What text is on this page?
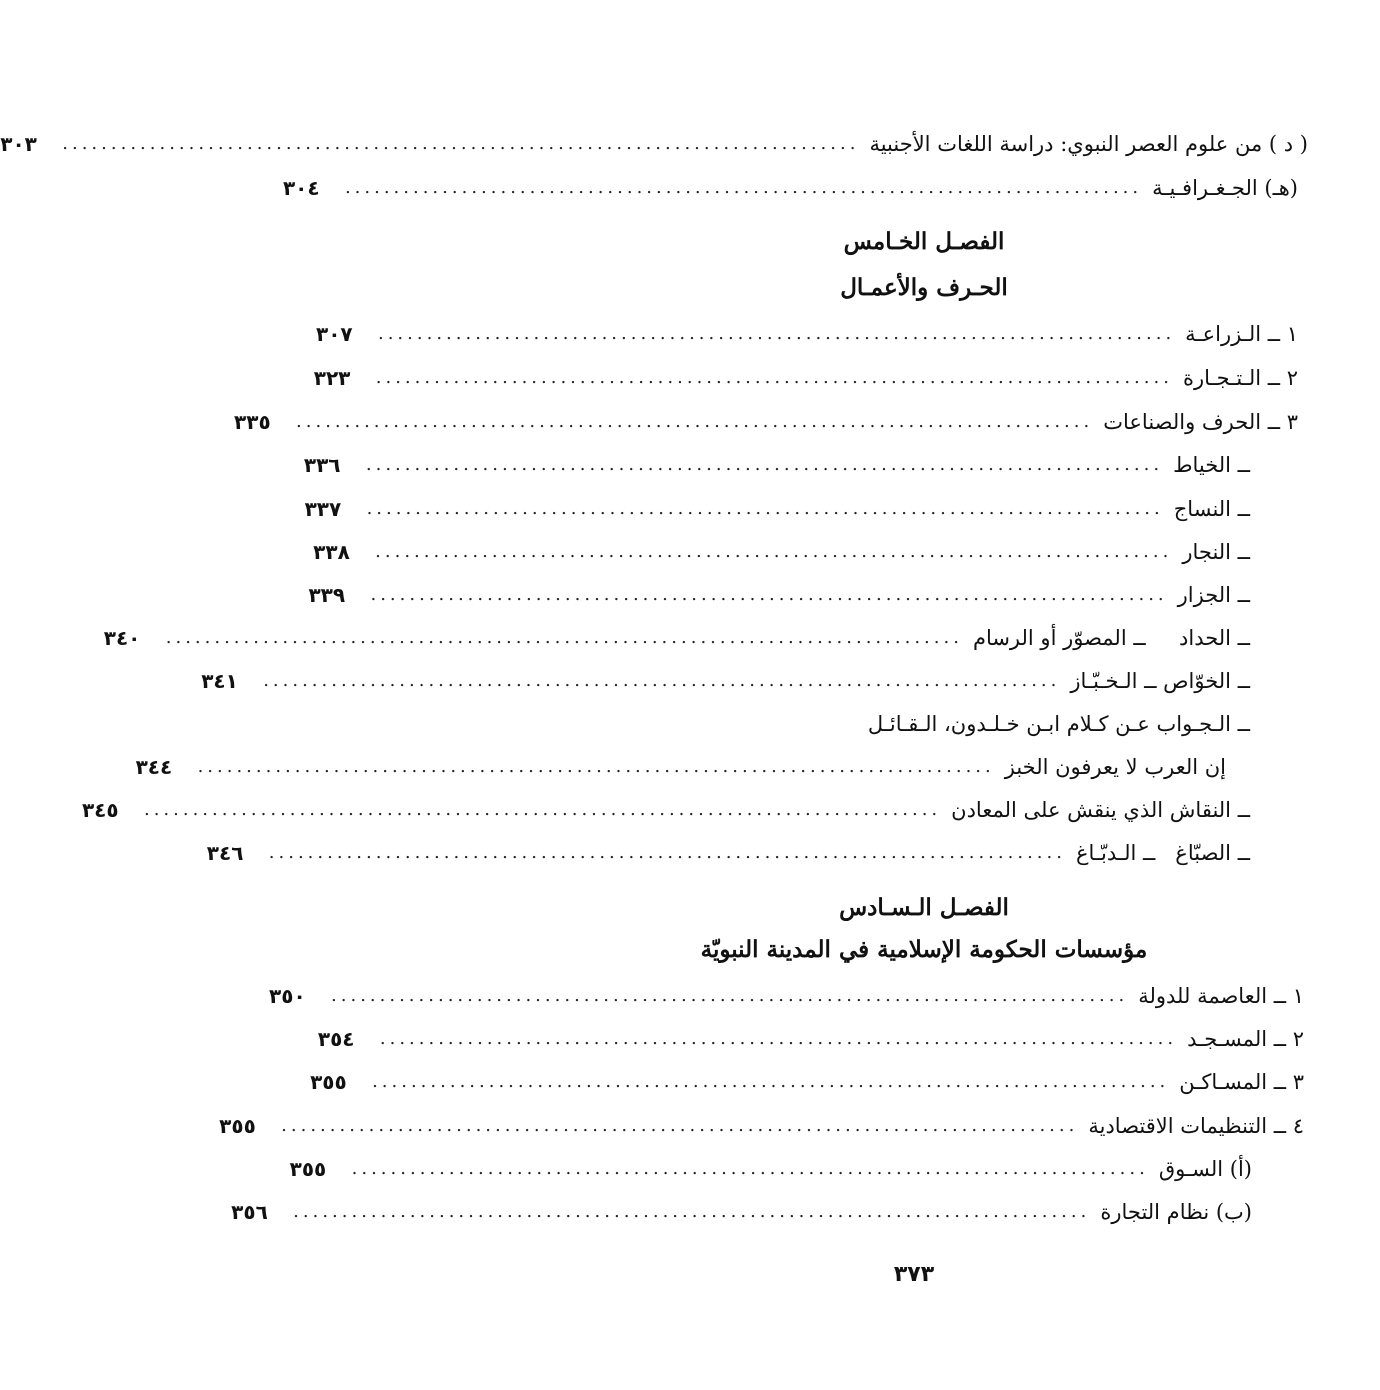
( د ) من علوم العصر النبوي: دراسة اللغات الأجنبية
..................................................................................
٣٠٣
(هـ) الجـغـرافـيـة
..................................................................................
٣٠٤
الفصـل الخـامس
الحـرف والأعمـال
١ ــ الـزراعـة
..................................................................................
٣٠٧
٢ ــ الـتـجـارة
..................................................................................
٣٢٣
٣ ــ الحرف والصناعات
..................................................................................
٣٣٥
ــ الخياط
..................................................................................
٣٣٦
ــ النساج
..................................................................................
٣٣٧
ــ النجار
..................................................................................
٣٣٨
ــ الجزار
..................................................................................
٣٣٩
ــ الحداد     ــ المصوّر أو الرسام
..................................................................................
٣٤٠
ــ الخوّاص ــ الـخـبّـاز
..................................................................................
٣٤١
ــ الـجـواب عـن كـلام ابـن خـلـدون، الـقـائـل
إن العرب لا يعرفون الخبز
..................................................................................
٣٤٤
ــ النقاش الذي ينقش على المعادن
..................................................................................
٣٤٥
ــ الصبّاغ   ــ الـدبّـاغ
..................................................................................
٣٤٦
الفصـل الـسـادس
مؤسسات الحكومة الإسلامية في المدينة النبويّة
١ ــ العاصمة للدولة
..................................................................................
٣٥٠
٢ ــ المسـجـد
..................................................................................
٣٥٤
٣ ــ المسـاكـن
..................................................................................
٣٥٥
٤ ــ التنظيمات الاقتصادية
..................................................................................
٣٥٥
(أ) السـوق
..................................................................................
٣٥٥
(ب) نظام التجارة
..................................................................................
٣٥٦
٣٧٣
